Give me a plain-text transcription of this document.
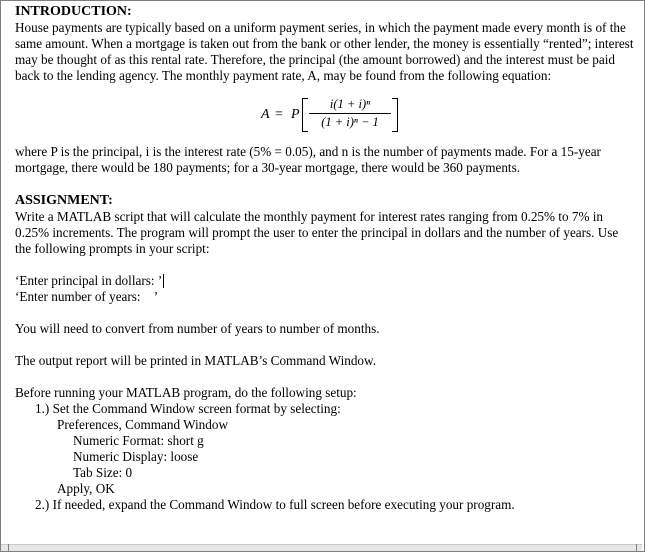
INTRODUCTION:

House payments are typically based on a uniform payment series, in which the payment made every month is of the same amount. When a mortgage is taken out from the bank or other lender, the money is essentially “rented”; interest may be thought of as this rental rate. Therefore, the principal (the amount borrowed) and the interest must be paid back to the lending agency. The monthly payment rate, A, may be found from the following equation:

A = P
i(1 + i)ⁿ
(1 + i)ⁿ − 1

where P is the principal, i is the interest rate (5% = 0.05), and n is the number of payments made. For a 15-year mortgage, there would be 180 payments; for a 30-year mortgage, there would be 360 payments.

ASSIGNMENT:

Write a MATLAB script that will calculate the monthly payment for interest rates ranging from 0.25% to 7% in 0.25% increments. The program will prompt the user to enter the principal in dollars and the number of years. Use the following prompts in your script:

‘Enter principal in dollars: ’

‘Enter number of years:    ’

You will need to convert from number of years to number of months.

The output report will be printed in MATLAB’s Command Window.

Before running your MATLAB program, do the following setup:

1.) Set the Command Window screen format by selecting:

Preferences, Command Window

Numeric Format: short g

Numeric Display: loose

Tab Size: 0

Apply, OK

2.) If needed, expand the Command Window to full screen before executing your program.
